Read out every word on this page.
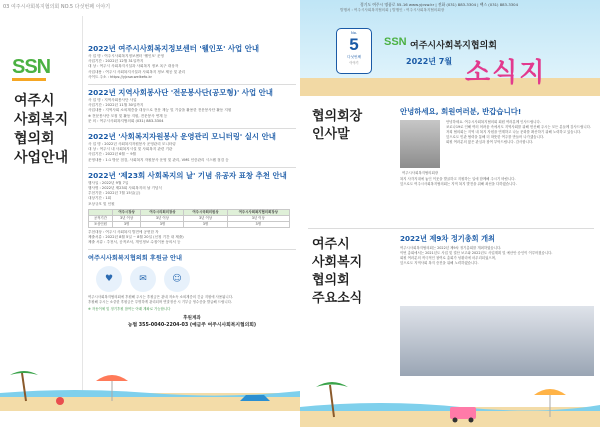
03 여주시사회복지협의회 NO.5 다섯번째 이야기
SSN
여주시
사회복지
협의회
사업안내
2022년 여주시사회복지정보센터 '웰인포' 사업 안내
사 업 명 : 여주시사회복지정보센터 '웰인포' 운영
사업기간 : 2022년 12월 31일까지
대 상 : 여주시 사회복지시설과 사회복지 정보 욕구 대상자
사업내용 : 여주시 사회복지시설과 사회복지 정보 제공 및 관리
사이트 주소 : https://yjcsw.welkefo.kr
2022년 지역사회봉사단 '전문봉사단(공모형)' 사업 안내
사 업 명 : 지역사회봉사단 사업
사업기간 : 2022년 11월 30일까지
사업내용 : 지역사회 소외계층을 대상으로 전문 재능 및 기술을 활용한 전문봉사단 활동 지원
※ 전문봉사단 모집 및 활동 지원, 전문봉사 연계 등
문 의 : 여주시사회복지협의회 (031) 883-3304
2022년 '사회복지자원봉사 운영관리 모니터링' 실시 안내
사 업 명 : 2022년 사회복지자원봉사 운영관리 모니터링
대 상 : 여주시 내 사회복지시설 및 사회복지 관련 기관
사업기간 : 2022년 6월 ~ 9월
운영내용 : 1:1 방문 점검, 사회복지 자원봉사 운영 및 관리, VMS 인증관리 시스템 점검 등
2022년 '제23회 사회복지의 날' 기념 유공자 표창 추천 안내
행사일 : 2022년 9월 7일
행사명 : 2022년 제23회 사회복지의 날 기념식
추천기한 : 2022년 7월 15일(금)
대상기간 : 1회
포상규모 및 인원
	여주시장상	여주시의회의장상	여주시국회의원상	여주시사회복지협의회장상
공적기간	3년 이상	3년 이상	3년 이상	3년 이상
포상인원	3명	3명	3명	3명
추천대상 : 여주시 사회복지 발전에 공헌한 자
제출서류 : 2022년 8월 5일 ~ 8월 20일 (신청 기간 내 제출)
제출 서류 : 추천서, 공적조서, 개인정보 수집이용 동의서 등
여주시사회복지협의회 후원금 안내
♥	✉	☺
여주시사회복지협의회에 후원해 주시는 후원금은 관내 저소득 소외계층의 긴급 지원에 사용됩니다.
후원해 주시는 소중한 후원금은 투명하게 관리되며 연말정산 시 기부금 영수증을 발급해 드립니다.
※ 자동이체 및 정기후원 참여는 아래 계좌로 가능합니다
후원계좌
농협 355-0040-2204-03 (예금주 여주시사회복지협의회)
경기도 여주시 명품로 55-16 www.yjcsw.kr | 전화 (031) 883-3304 | 팩스 (031) 883-3304
발행처 : 여주시사회복지협의회 | 발행인 : 여주시사회복지협의회장
No.
5
다섯번째
이야기
SSN 여주시사회복지협의회
2022년 7월 소식지
협의회장
인사말
안녕하세요, 회원여러분, 반갑습니다!
여주시사회복지협의회장
안녕하세요. 여주시사회복지협의회 회원 여러분께 인사드립니다.
코로나19로 인해 여러 어려움 속에서도 지역사회를 위해 헌신해 주시는 모든 분들께 감사드립니다.
저희 협의회는 지역 내 복지 자원을 연계하고 나눔 문화를 확산하기 위해 노력하고 있습니다.
앞으로도 민관 협력을 통해 더 따뜻한 여주를 만들어 나가겠습니다.
회원 여러분의 많은 관심과 참여 부탁드립니다. 감사합니다.
복지 사각지대에 놓인 이웃을 발굴하고 지원하는 일에 함께해 주시기 바랍니다.
앞으로도 여주시사회복지협의회는 지역 복지 발전을 위해 최선을 다하겠습니다.
여주시
사회복지
협의회
주요소식
2022년 제9차 정기총회 개최
여주시사회복지협의회는 2022년 제9차 정기총회를 개최하였습니다.
이번 총회에서는 2021년도 사업 및 결산 보고와 2022년도 사업계획 및 예산안 승인이 이루어졌습니다.
회원 여러분의 적극적인 참여로 총회가 성황리에 마무리되었으며,
앞으로도 지역사회 복지 증진을 위해 노력하겠습니다.
